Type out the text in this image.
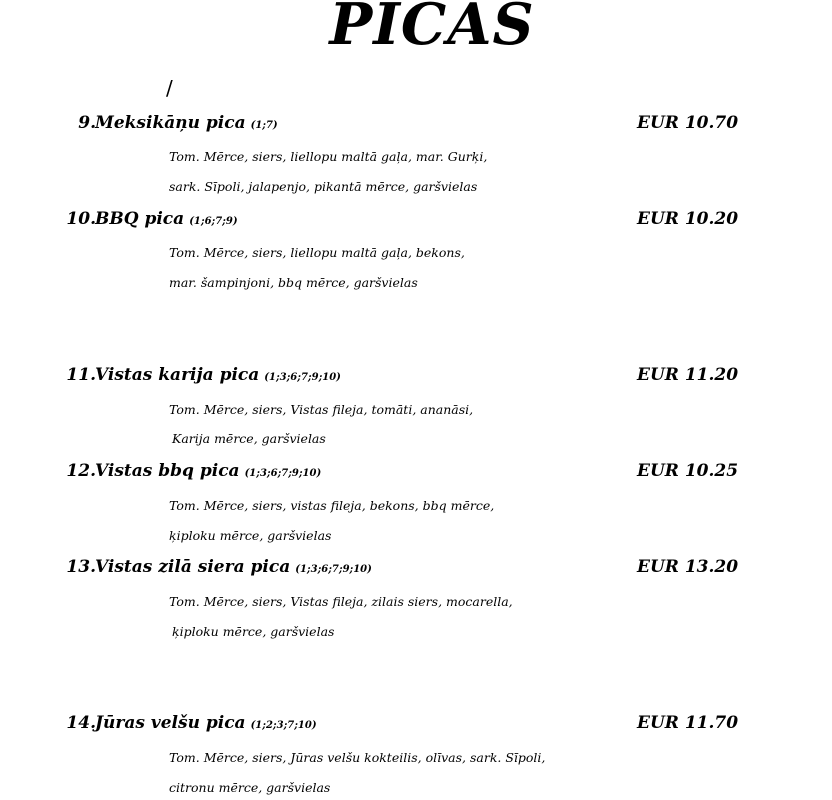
PICAS
/
9. Meksikāņu pica (1;7)	EUR 10.70
Tom. Mērce, siers, liellopu maltā gaļa, mar. Gurķi,
sark. Sīpoli, jalapenjo, pikantā mērce, garšvielas
10. BBQ pica (1;6;7;9)	EUR 10.20
Tom. Mērce, siers, liellopu maltā gaļa, bekons,
mar. šampinjoni, bbq mērce, garšvielas
11. Vistas karija pica (1;3;6;7;9;10)	EUR 11.20
Tom. Mērce, siers, Vistas fileja, tomāti, ananāsi,
Karija mērce, garšvielas
12. Vistas bbq pica (1;3;6;7;9;10)	EUR 10.25
Tom. Mērce, siers, vistas fileja, bekons, bbq mērce,
ķiploku mērce, garšvielas
13. Vistas zilā siera pica (1;3;6;7;9;10)	EUR 13.20
Tom. Mērce, siers, Vistas fileja, zilais siers, mocarella,
ķiploku mērce, garšvielas
14. Jūras velšu pica (1;2;3;7;10)	EUR 11.70
Tom. Mērce, siers, Jūras velšu kokteilis, olīvas, sark. Sīpoli,
citronu mērce, garšvielas
